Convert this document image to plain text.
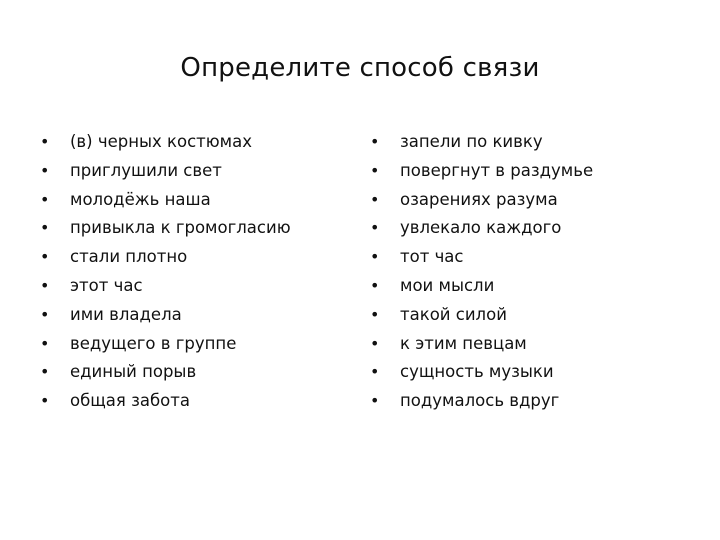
Определите способ связи
• (в) черных костюмах
• приглушили свет
• молодёжь наша
• привыкла к громогласию
• стали плотно
• этот час
• ими владела
• ведущего в группе
• единый порыв
• общая забота
• запели по кивку
• повергнут в раздумье
• озарениях разума
• увлекало каждого
• тот час
• мои мысли
• такой силой
• к этим певцам
• сущность музыки
• подумалось вдруг
